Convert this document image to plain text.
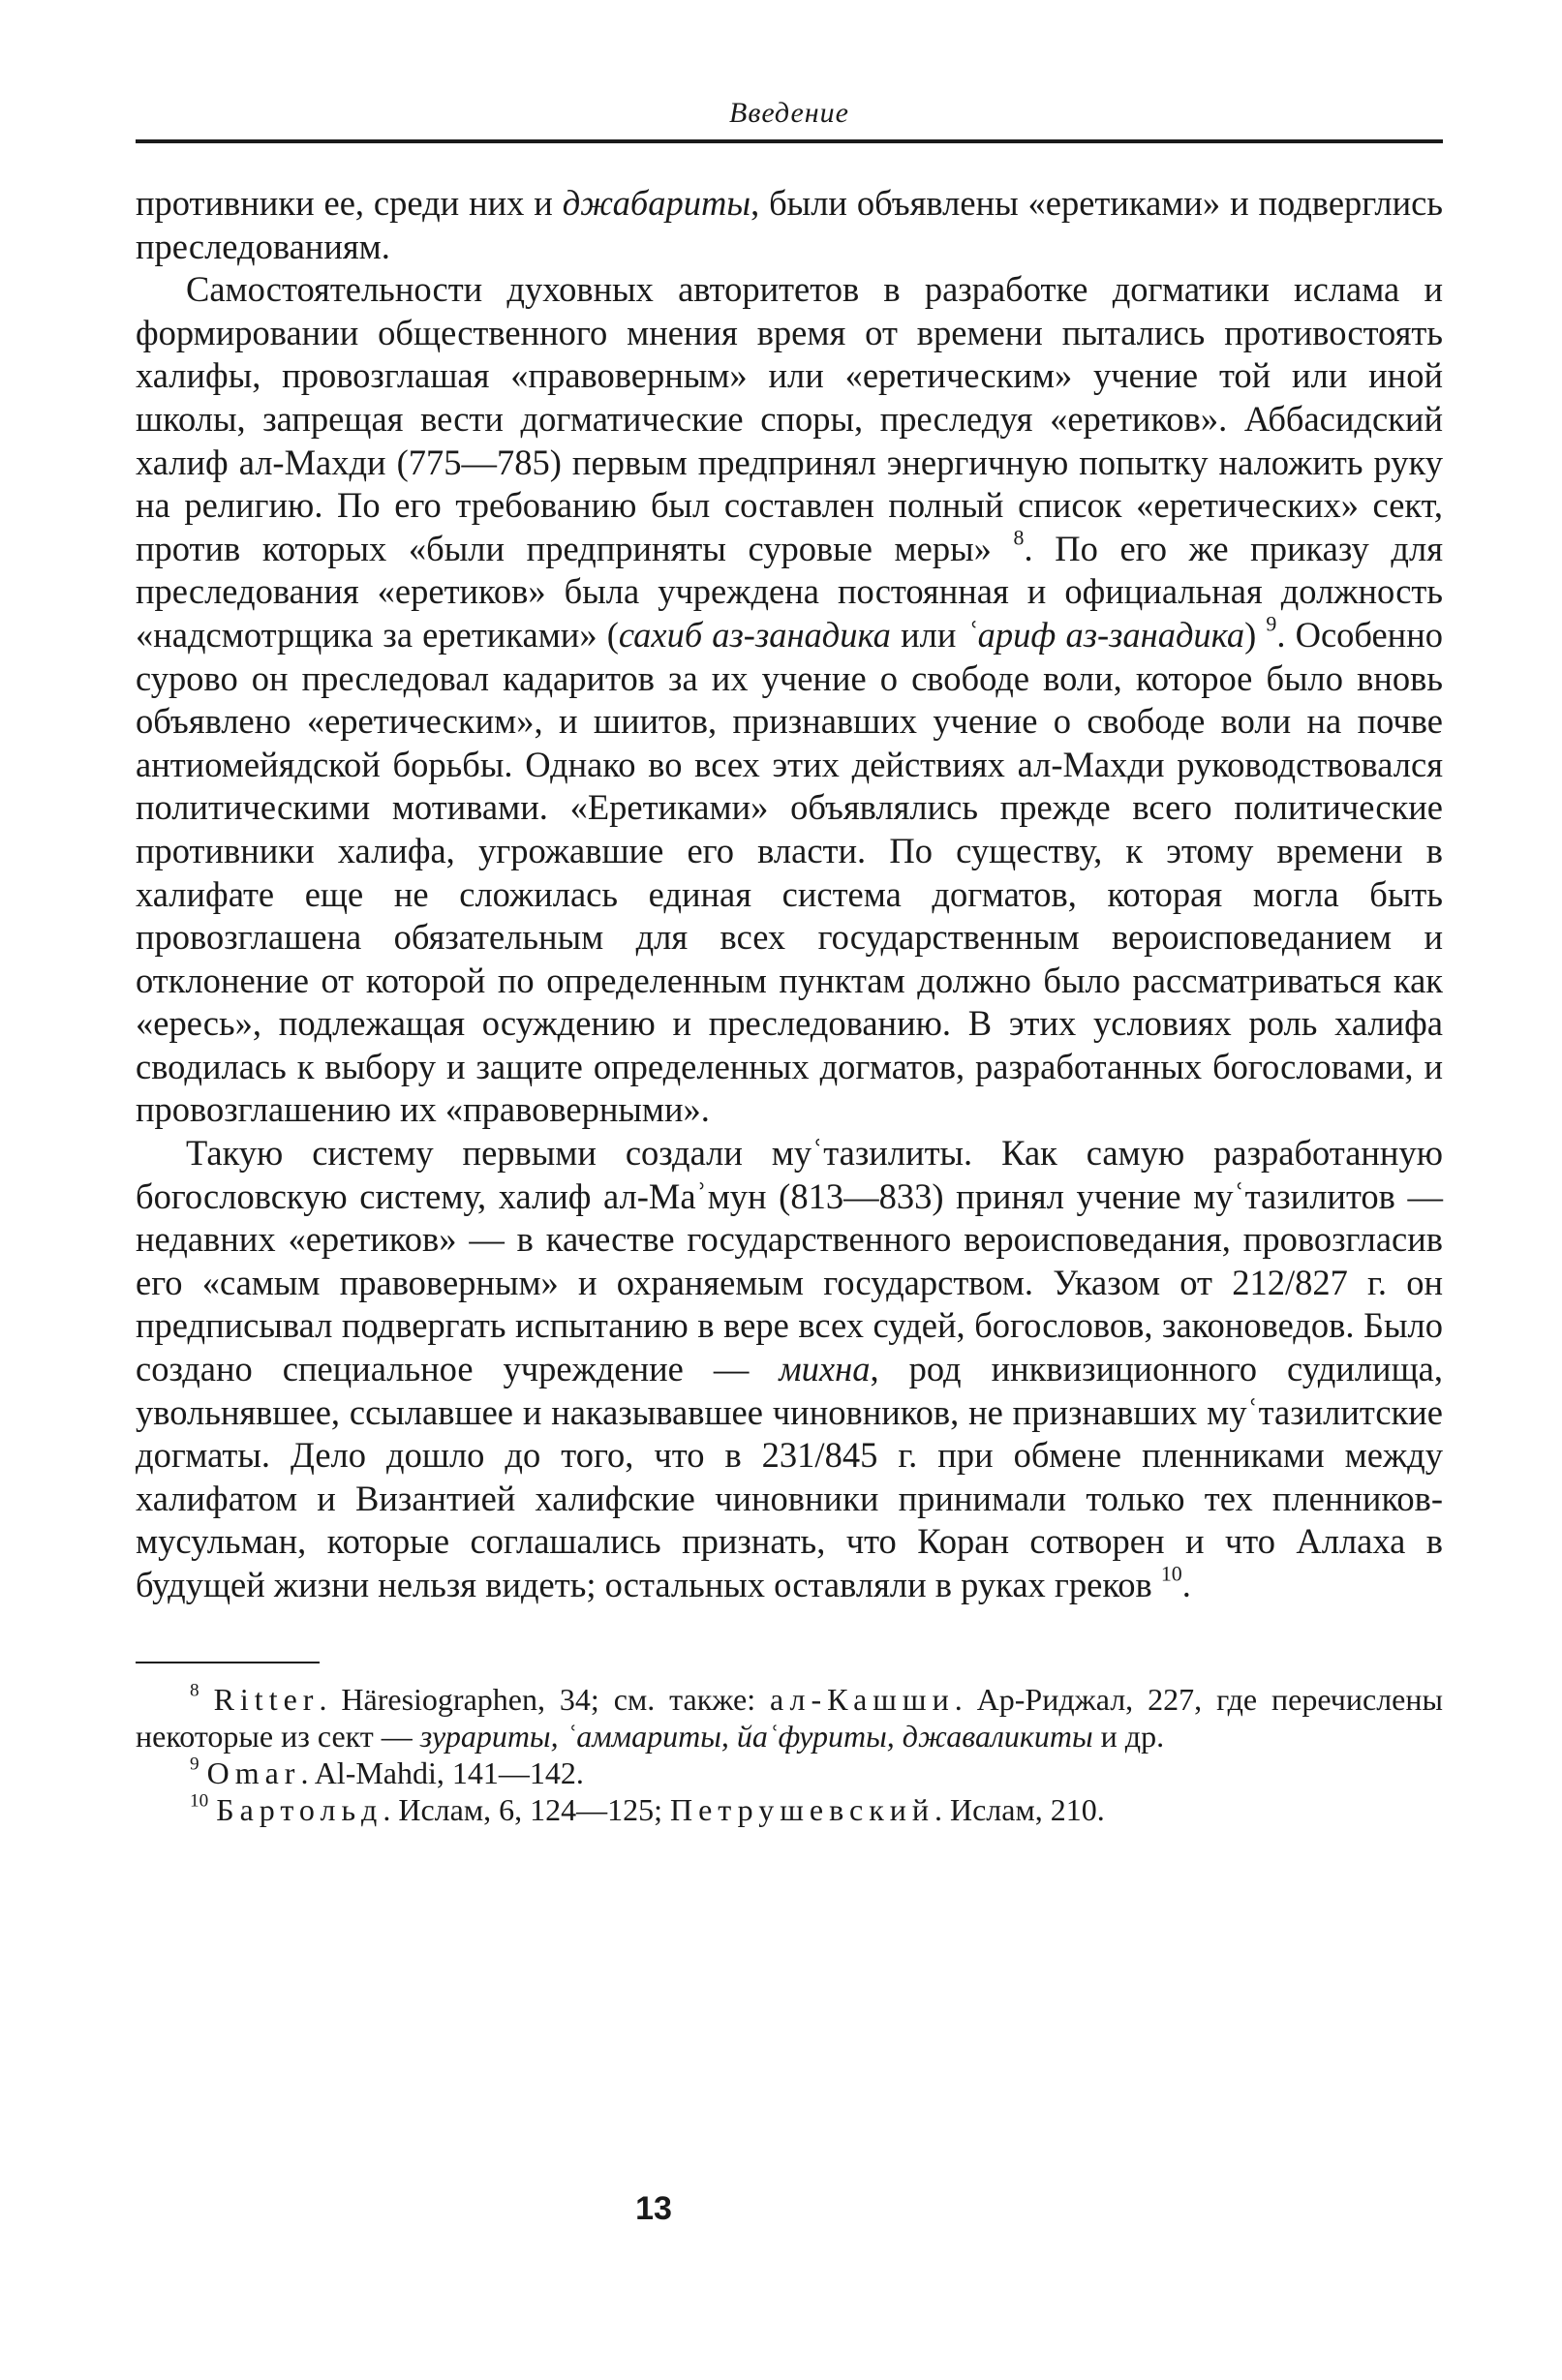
Введение

противники ее, среди них и джабариты, были объявлены «еретиками» и подверглись преследованиям.

Самостоятельности духовных авторитетов в разработке догматики ислама и формировании общественного мнения время от времени пытались противостоять халифы, провозглашая «правоверным» или «еретическим» учение той или иной школы, запрещая вести догматические споры, преследуя «еретиков». Аббасидский халиф ал-Махди (775—785) первым предпринял энергичную попытку наложить руку на религию. По его требованию был составлен полный список «еретических» сект, против которых «были предприняты суровые меры» $^8$. По его же приказу для преследования «еретиков» была учреждена постоянная и официальная должность «надсмотрщика за еретиками» (сахиб аз-занадика или ʿариф аз-занадика) $^9$. Особенно сурово он преследовал кадаритов за их учение о свободе воли, которое было вновь объявлено «еретическим», и шиитов, признавших учение о свободе воли на почве антиомейядской борьбы. Однако во всех этих действиях ал-Махди руководствовался политическими мотивами. «Еретиками» объявлялись прежде всего политические противники халифа, угрожавшие его власти. По существу, к этому времени в халифате еще не сложилась единая система догматов, которая могла быть провозглашена обязательным для всех государственным вероисповеданием и отклонение от которой по определенным пунктам должно было рассматриваться как «ересь», подлежащая осуждению и преследованию. В этих условиях роль халифа сводилась к выбору и защите определенных догматов, разработанных богословами, и провозглашению их «правоверными».

Такую систему первыми создали муʿтазилиты. Как самую разработанную богословскую систему, халиф ал-Маʾмун (813—833) принял учение муʿтазилитов — недавних «еретиков» — в качестве государственного вероисповедания, провозгласив его «самым правоверным» и охраняемым государством. Указом от 212/827 г. он предписывал подвергать испытанию в вере всех судей, богословов, законоведов. Было создано специальное учреждение — михна, род инквизиционного судилища, увольнявшее, ссылавшее и наказывавшее чиновников, не признавших муʿтазилитские догматы. Дело дошло до того, что в 231/845 г. при обмене пленниками между халифатом и Византией халифские чиновники принимали только тех пленников-мусульман, которые соглашались признать, что Коран сотворен и что Аллаха в будущей жизни нельзя видеть; остальных оставляли в руках греков $^{10}$.

$^8$ Ritter. Häresiographen, 34; см. также: ал-Кашши. Ар-Риджал, 227, где перечислены некоторые из сект — зурариты, ʿаммариты, йаʿфуриты, джаваликиты и др.

$^9$ Omar. Al-Mahdi, 141—142.

$^{10}$ Бартольд. Ислам, 6, 124—125; Петрушевский. Ислам, 210.

13
